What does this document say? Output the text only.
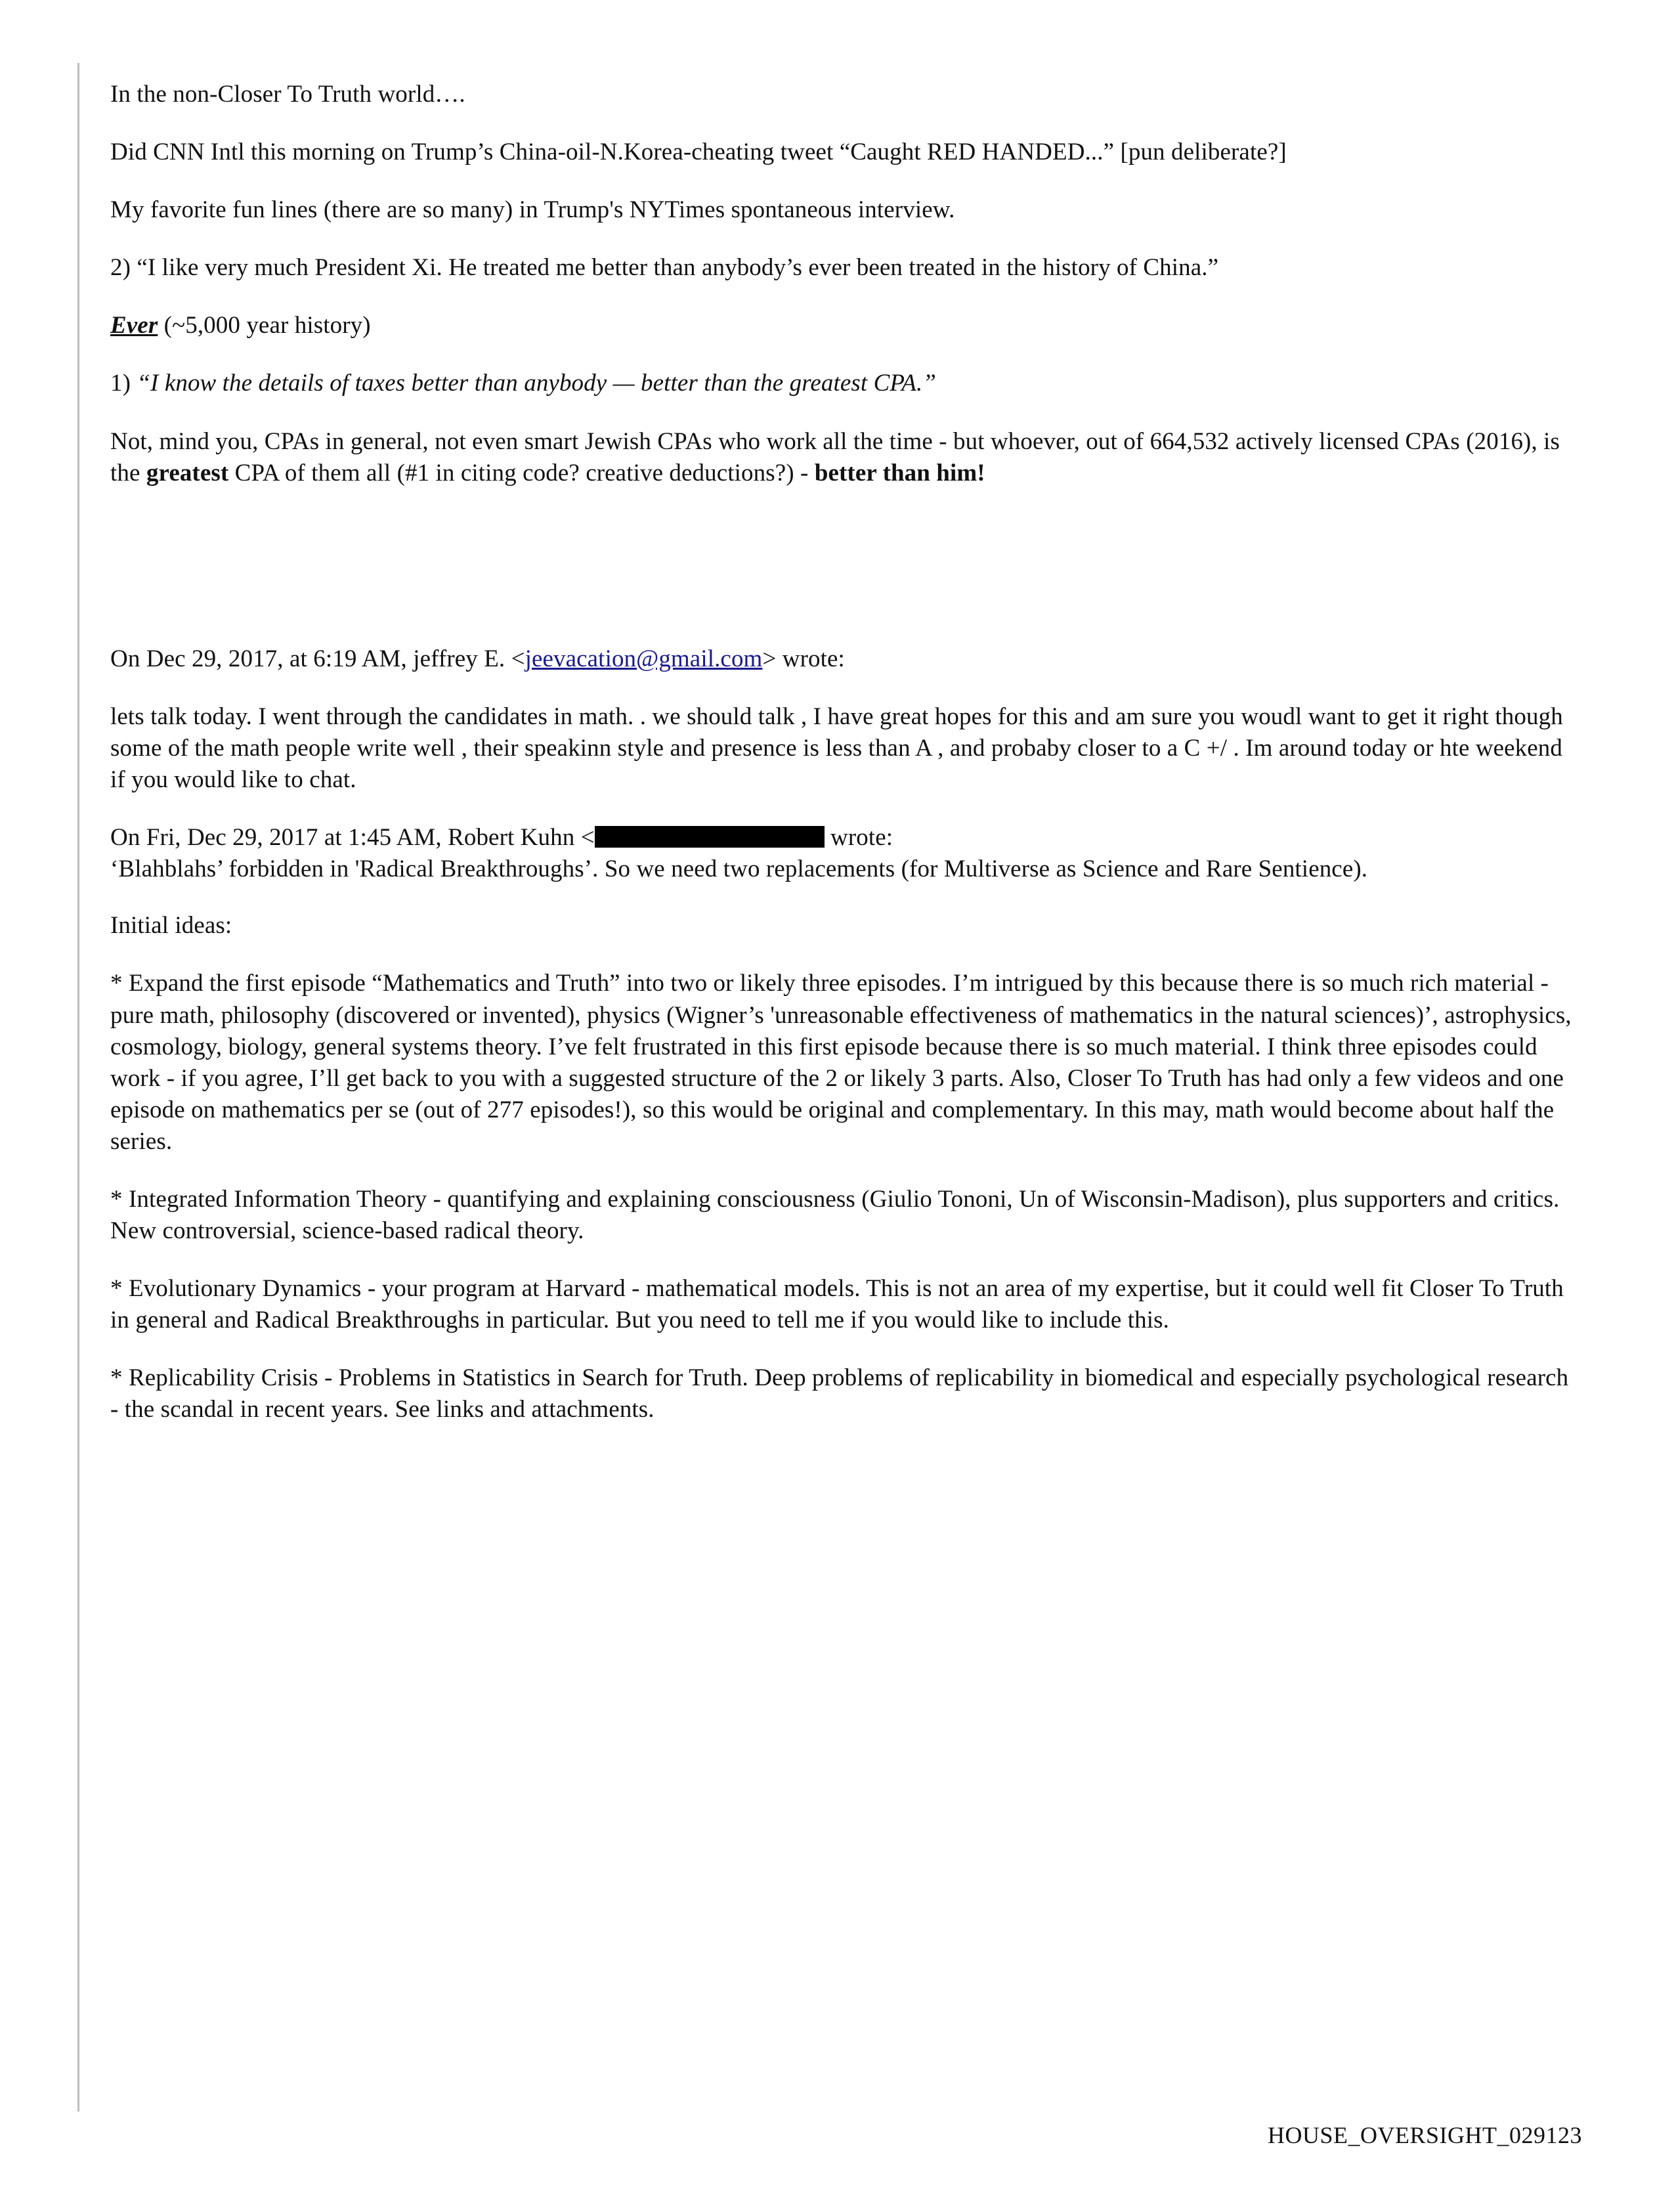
In the non-Closer To Truth world….

Did CNN Intl this morning on Trump’s China-oil-N.Korea-cheating tweet “Caught RED HANDED...” [pun deliberate?]

My favorite fun lines (there are so many) in Trump's NYTimes spontaneous interview.

2) “I like very much President Xi. He treated me better than anybody’s ever been treated in the history of China.”

Ever (~5,000 year history)

1) “I know the details of taxes better than anybody — better than the greatest CPA.”

Not, mind you, CPAs in general, not even smart Jewish CPAs who work all the time - but whoever, out of 664,532 actively licensed CPAs (2016), is the greatest CPA of them all (#1 in citing code? creative deductions?) - better than him!

On Dec 29, 2017, at 6:19 AM, jeffrey E. <jeevacation@gmail.com> wrote:

lets talk today. I went through the candidates in math. . we should talk , I have great hopes for this and am sure you woudl want to get it right though some of the math people write well , their speakinn style and presence is less than A , and probaby closer to a C +/ . Im around today or hte weekend if you would like to chat.

On Fri, Dec 29, 2017 at 1:45 AM, Robert Kuhn <	wrote:
‘Blahblahs’ forbidden in 'Radical Breakthroughs’. So we need two replacements (for Multiverse as Science and Rare Sentience).

Initial ideas:

* Expand the first episode “Mathematics and Truth” into two or likely three episodes. I’m intrigued by this because there is so much rich material - pure math, philosophy (discovered or invented), physics (Wigner’s 'unreasonable effectiveness of mathematics in the natural sciences)’, astrophysics, cosmology, biology, general systems theory. I’ve felt frustrated in this first episode because there is so much material. I think three episodes could work - if you agree, I’ll get back to you with a suggested structure of the 2 or likely 3 parts. Also, Closer To Truth has had only a few videos and one episode on mathematics per se (out of 277 episodes!), so this would be original and complementary. In this may, math would become about half the series.

* Integrated Information Theory - quantifying and explaining consciousness (Giulio Tononi, Un of Wisconsin-Madison), plus supporters and critics. New controversial, science-based radical theory.

* Evolutionary Dynamics - your program at Harvard - mathematical models. This is not an area of my expertise, but it could well fit Closer To Truth in general and Radical Breakthroughs in particular. But you need to tell me if you would like to include this.

* Replicability Crisis - Problems in Statistics in Search for Truth. Deep problems of replicability in biomedical and especially psychological research - the scandal in recent years. See links and attachments.

HOUSE_OVERSIGHT_029123
